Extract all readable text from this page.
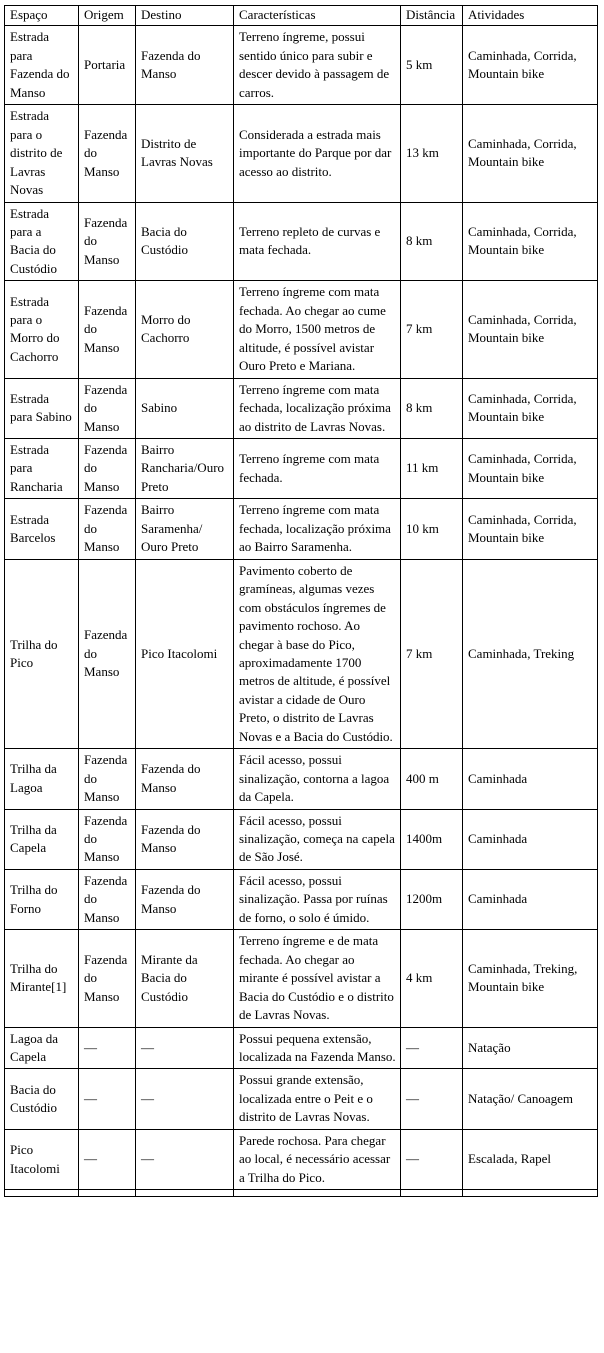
Espaço	Origem	Destino	Características	Distância	Atividades
Estrada para Fazenda do Manso	Portaria	Fazenda do Manso	Terreno íngreme, possui sentido único para subir e descer devido à passagem de carros.	5 km	Caminhada, Corrida, Mountain bike
Estrada para o distrito de Lavras Novas	Fazenda do Manso	Distrito de Lavras Novas	Considerada a estrada mais importante do Parque por dar acesso ao distrito.	13 km	Caminhada, Corrida, Mountain bike
Estrada para a Bacia do Custódio	Fazenda do Manso	Bacia do Custódio	Terreno repleto de curvas e mata fechada.	8 km	Caminhada, Corrida, Mountain bike
Estrada para o Morro do Cachorro	Fazenda do Manso	Morro do Cachorro	Terreno íngreme com mata fechada. Ao chegar ao cume do Morro, 1500 metros de altitude, é possível avistar Ouro Preto e Mariana.	7 km	Caminhada, Corrida, Mountain bike
Estrada para Sabino	Fazenda do Manso	Sabino	Terreno íngreme com mata fechada, localização próxima ao distrito de Lavras Novas.	8 km	Caminhada, Corrida, Mountain bike
Estrada para Rancharia	Fazenda do Manso	Bairro Rancharia/Ouro Preto	Terreno íngreme com mata fechada.	11 km	Caminhada, Corrida, Mountain bike
Estrada Barcelos	Fazenda do Manso	Bairro Saramenha/ Ouro Preto	Terreno íngreme com mata fechada, localização próxima ao Bairro Saramenha.	10 km	Caminhada, Corrida, Mountain bike
Trilha do Pico	Fazenda do Manso	Pico Itacolomi	Pavimento coberto de gramíneas, algumas vezes com obstáculos íngremes de pavimento rochoso. Ao chegar à base do Pico, aproximadamente 1700 metros de altitude, é possível avistar a cidade de Ouro Preto, o distrito de Lavras Novas e a Bacia do Custódio.	7 km	Caminhada, Treking
Trilha da Lagoa	Fazenda do Manso	Fazenda do Manso	Fácil acesso, possui sinalização, contorna a lagoa da Capela.	400 m	Caminhada
Trilha da Capela	Fazenda do Manso	Fazenda do Manso	Fácil acesso, possui sinalização, começa na capela de São José.	1400m	Caminhada
Trilha do Forno	Fazenda do Manso	Fazenda do Manso	Fácil acesso, possui sinalização. Passa por ruínas de forno, o solo é úmido.	1200m	Caminhada
Trilha do Mirante[1]	Fazenda do Manso	Mirante da Bacia do Custódio	Terreno íngreme e de mata fechada. Ao chegar ao mirante é possível avistar a Bacia do Custódio e o distrito de Lavras Novas.	4 km	Caminhada, Treking, Mountain bike
Lagoa da Capela	—	—	Possui pequena extensão, localizada na Fazenda Manso.	—	Natação
Bacia do Custódio	—	—	Possui grande extensão, localizada entre o Peit e o distrito de Lavras Novas.	—	Natação/ Canoagem
Pico Itacolomi	—	—	Parede rochosa. Para chegar ao local, é necessário acessar a Trilha do Pico.	—	Escalada, Rapel
